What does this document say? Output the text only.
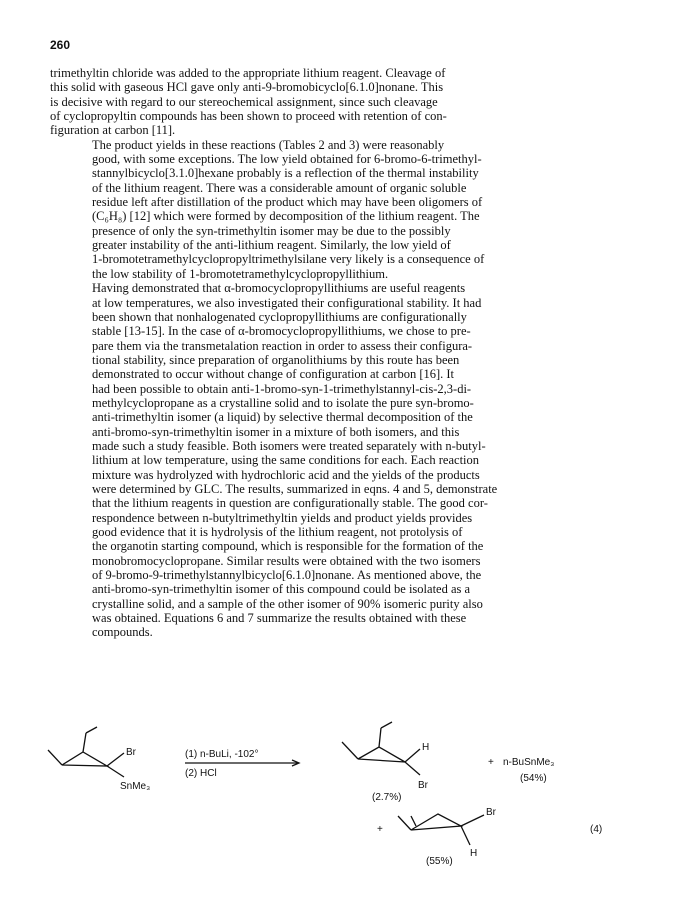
260

trimethyltin chloride was added to the appropriate lithium reagent. Cleavage of
this solid with gaseous HCl gave only anti-9-bromobicyclo[6.1.0]nonane. This
is decisive with regard to our stereochemical assignment, since such cleavage
of cyclopropyltin compounds has been shown to proceed with retention of con-
figuration at carbon [11].

The product yields in these reactions (Tables 2 and 3) were reasonably
good, with some exceptions. The low yield obtained for 6-bromo-6-trimethyl-
stannylbicyclo[3.1.0]hexane probably is a reflection of the thermal instability
of the lithium reagent. There was a considerable amount of organic soluble
residue left after distillation of the product which may have been oligomers of
(C₆H₈) [12] which were formed by decomposition of the lithium reagent. The
presence of only the syn-trimethyltin isomer may be due to the possibly
greater instability of the anti-lithium reagent. Similarly, the low yield of
1-bromotetramethylcyclopropyltrimethylsilane very likely is a consequence of
the low stability of 1-bromotetramethylcyclopropyllithium.

Having demonstrated that α-bromocyclopropyllithiums are useful reagents
at low temperatures, we also investigated their configurational stability. It had
been shown that nonhalogenated cyclopropyllithiums are configurationally
stable [13-15]. In the case of α-bromocyclopropyllithiums, we chose to pre-
pare them via the transmetalation reaction in order to assess their configura-
tional stability, since preparation of organolithiums by this route has been
demonstrated to occur without change of configuration at carbon [16]. It
had been possible to obtain anti-1-bromo-syn-1-trimethylstannyl-cis-2,3-di-
methylcyclopropane as a crystalline solid and to isolate the pure syn-bromo-
anti-trimethyltin isomer (a liquid) by selective thermal decomposition of the
anti-bromo-syn-trimethyltin isomer in a mixture of both isomers, and this
made such a study feasible. Both isomers were treated separately with n-butyl-
lithium at low temperature, using the same conditions for each. Each reaction
mixture was hydrolyzed with hydrochloric acid and the yields of the products
were determined by GLC. The results, summarized in eqns. 4 and 5, demonstrate
that the lithium reagents in question are configurationally stable. The good cor-
respondence between n-butyltrimethyltin yields and product yields provides
good evidence that it is hydrolysis of the lithium reagent, not protolysis of
the organotin starting compound, which is responsible for the formation of the
monobromocyclopropane. Similar results were obtained with the two isomers
of 9-bromo-9-trimethylstannylbicyclo[6.1.0]nonane. As mentioned above, the
anti-bromo-syn-trimethyltin isomer of this compound could be isolated as a
crystalline solid, and a sample of the other isomer of 90% isomeric purity also
was obtained. Equations 6 and 7 summarize the results obtained with these
compounds.

Br
SnMe₃
(1) n-BuLi, -102°
(2) HCl
H
Br
(2.7%)
+ n-BuSnMe₃
(54%)
+
Br
H
(55%)
(4)
